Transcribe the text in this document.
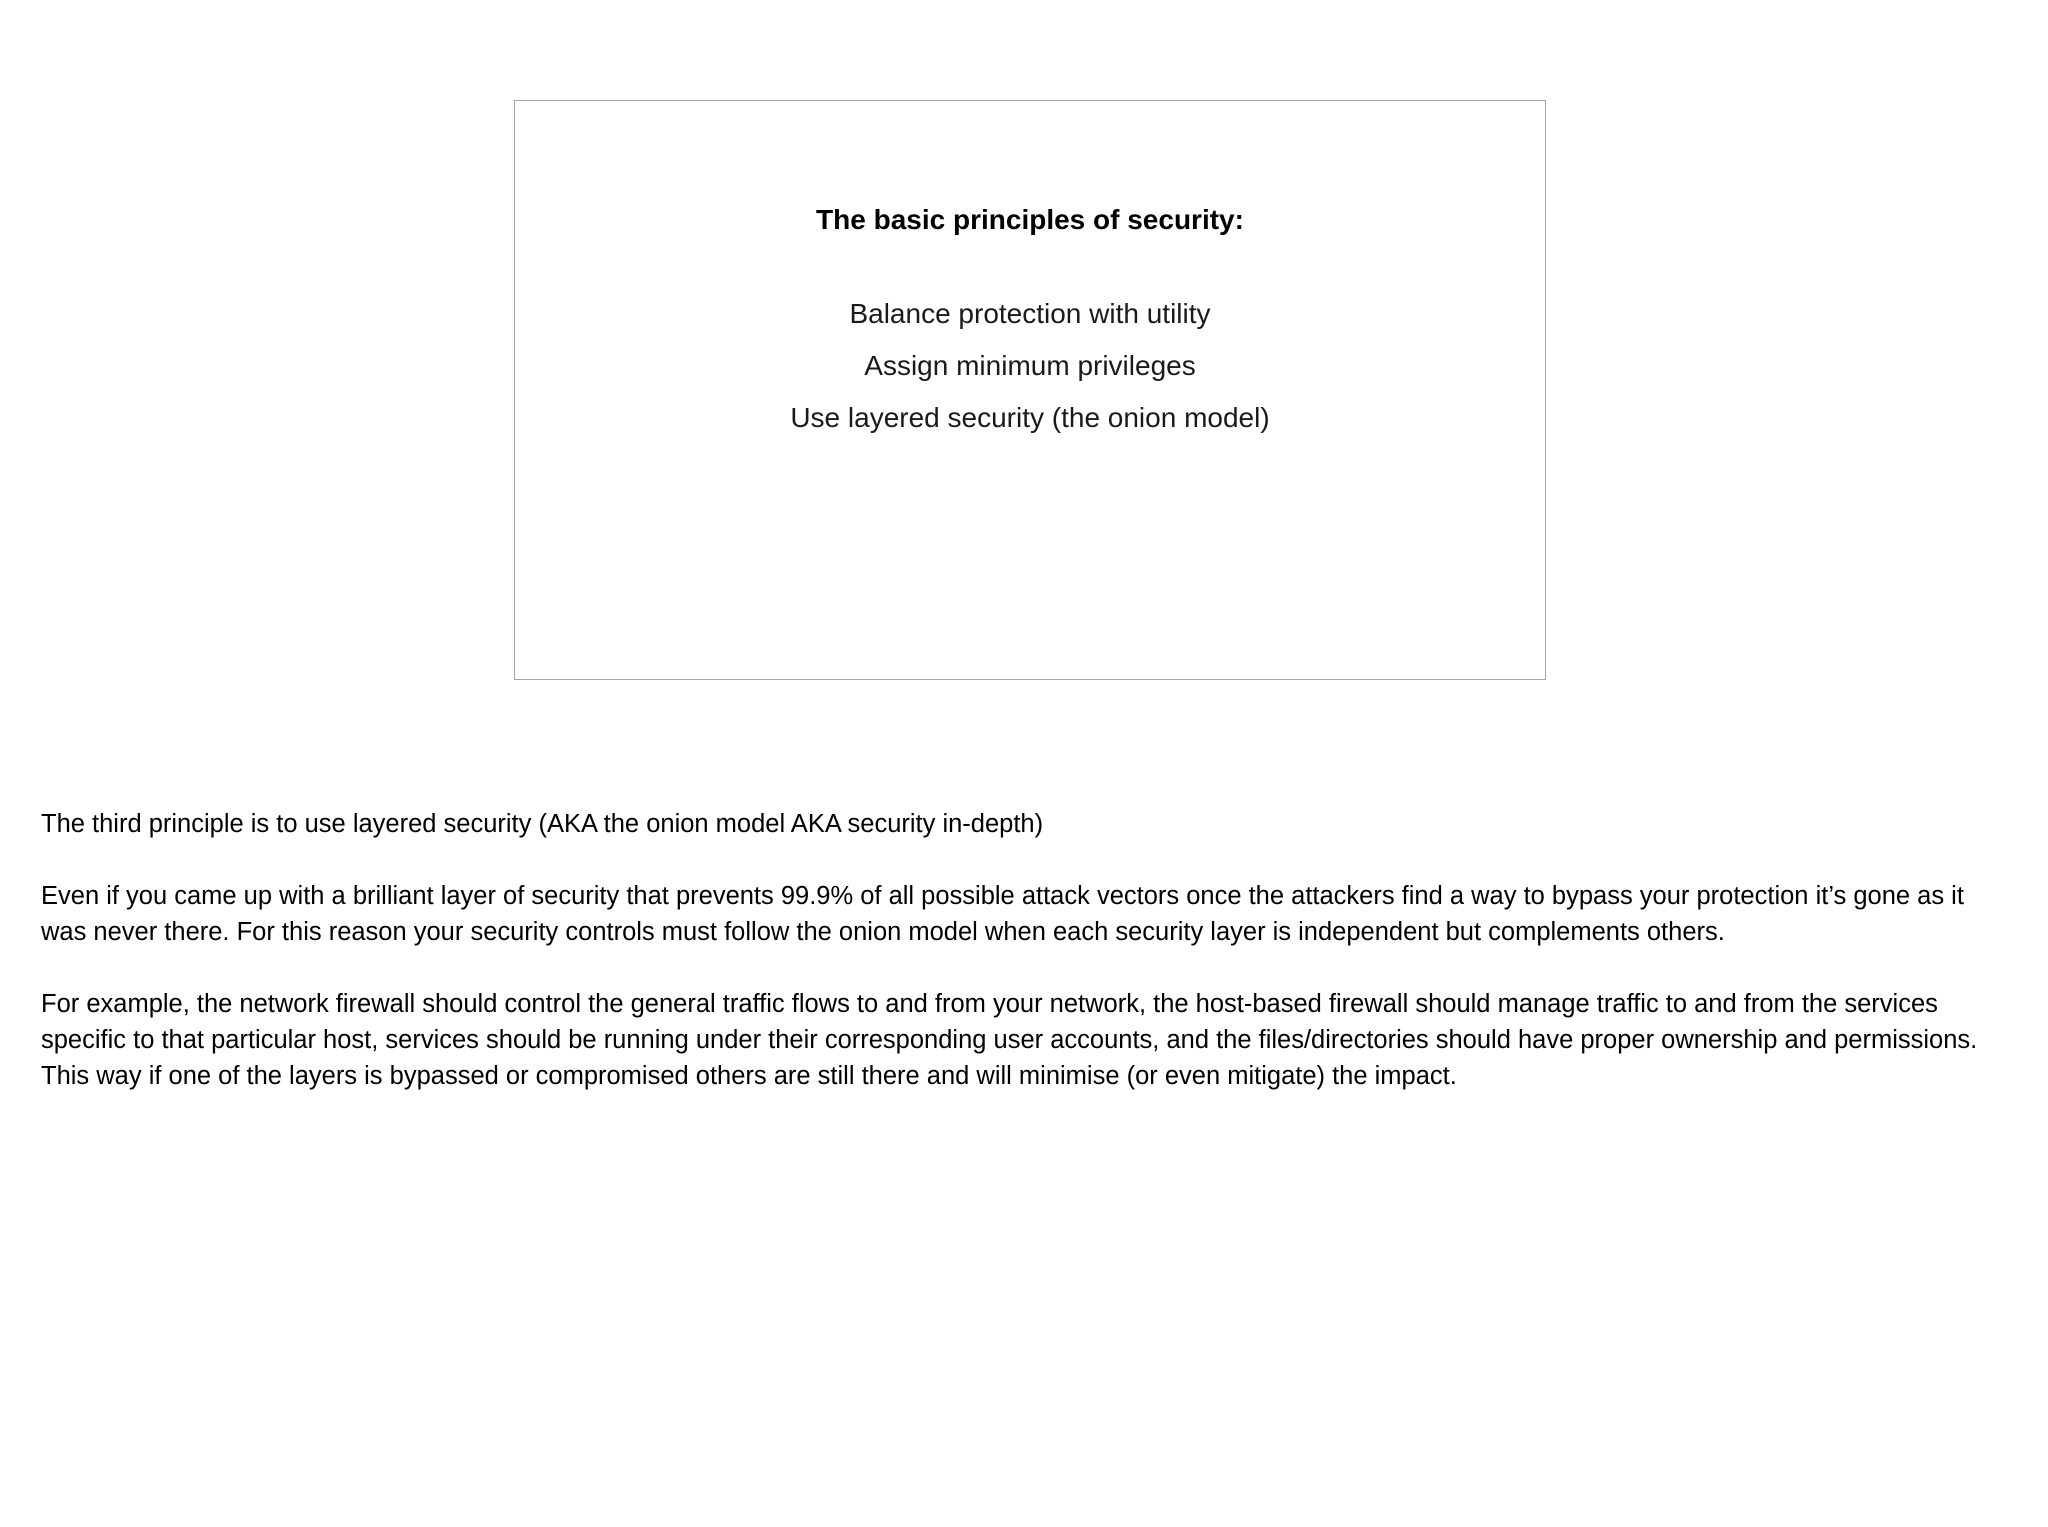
The basic principles of security:
Balance protection with utility
Assign minimum privileges
Use layered security (the onion model)

The third principle is to use layered security (AKA the onion model AKA security in-depth)

Even if you came up with a brilliant layer of security that prevents 99.9% of all possible attack vectors once the attackers find a way to bypass your protection it’s gone as it was never there. For this reason your security controls must follow the onion model when each security layer is independent but complements others.

For example, the network firewall should control the general traffic flows to and from your network, the host-based firewall should manage traffic to and from the services specific to that particular host, services should be running under their corresponding user accounts, and the files/directories should have proper ownership and permissions. This way if one of the layers is bypassed or compromised others are still there and will minimise (or even mitigate) the impact.
